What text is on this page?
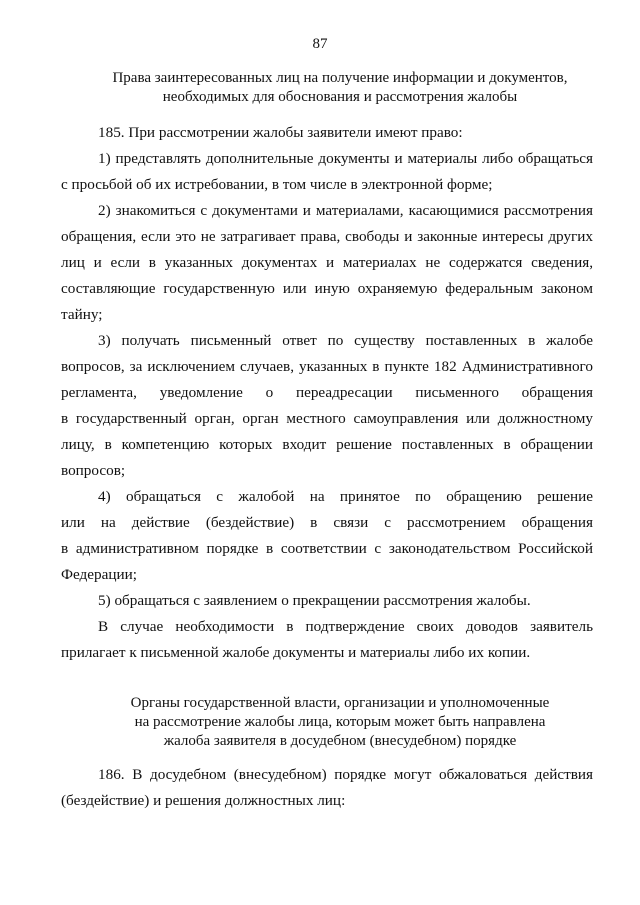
87
Права заинтересованных лиц на получение информации и документов,
необходимых для обоснования и рассмотрения жалобы
185. При рассмотрении жалобы заявители имеют право:
1) представлять дополнительные документы и материалы либо обращаться
с просьбой об их истребовании, в том числе в электронной форме;
2) знакомиться с документами и материалами, касающимися рассмотрения
обращения, если это не затрагивает права, свободы и законные интересы других
лиц и если в указанных документах и материалах не содержатся сведения,
составляющие государственную или иную охраняемую федеральным законом
тайну;
3) получать письменный ответ по существу поставленных в жалобе
вопросов, за исключением случаев, указанных в пункте 182 Административного
регламента, уведомление о переадресации письменного обращения
в государственный орган, орган местного самоуправления или должностному
лицу, в компетенцию которых входит решение поставленных в обращении
вопросов;
4) обращаться с жалобой на принятое по обращению решение
или на действие (бездействие) в связи с рассмотрением обращения
в административном порядке в соответствии с законодательством Российской
Федерации;
5) обращаться с заявлением о прекращении рассмотрения жалобы.
В случае необходимости в подтверждение своих доводов заявитель
прилагает к письменной жалобе документы и материалы либо их копии.
Органы государственной власти, организации и уполномоченные
на рассмотрение жалобы лица, которым может быть направлена
жалоба заявителя в досудебном (внесудебном) порядке
186. В досудебном (внесудебном) порядке могут обжаловаться действия
(бездействие) и решения должностных лиц:
